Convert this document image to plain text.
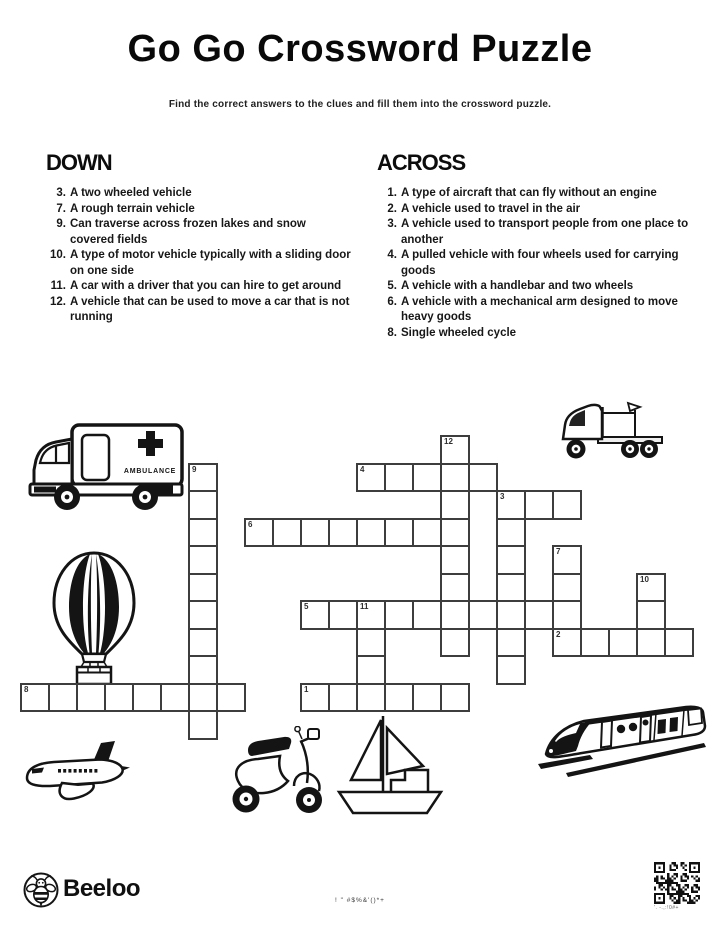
Go Go Crossword Puzzle
Find the correct answers to the clues and fill them into the crossword puzzle.
DOWN
3. A two wheeled vehicle
7. A rough terrain vehicle
9. Can traverse across frozen lakes and snow covered fields
10. A type of motor vehicle typically with a sliding door on one side
11. A car with a driver that you can hire to get around
12. A vehicle that can be used to move a car that is not running
ACROSS
1. A type of aircraft that can fly without an engine
2. A vehicle used to travel in the air
3. A vehicle used to transport people from one place to another
4. A pulled vehicle with four wheels used for carrying goods
5. A vehicle with a handlebar and two wheels
6. A vehicle with a mechanical arm designed to move heavy goods
8. Single wheeled cycle
AMBULANCE
12
9	4
3
6
7
2
10
5	11
1
8
Beeloo
'. -.,:!0#+
! " #$%&'()*+
